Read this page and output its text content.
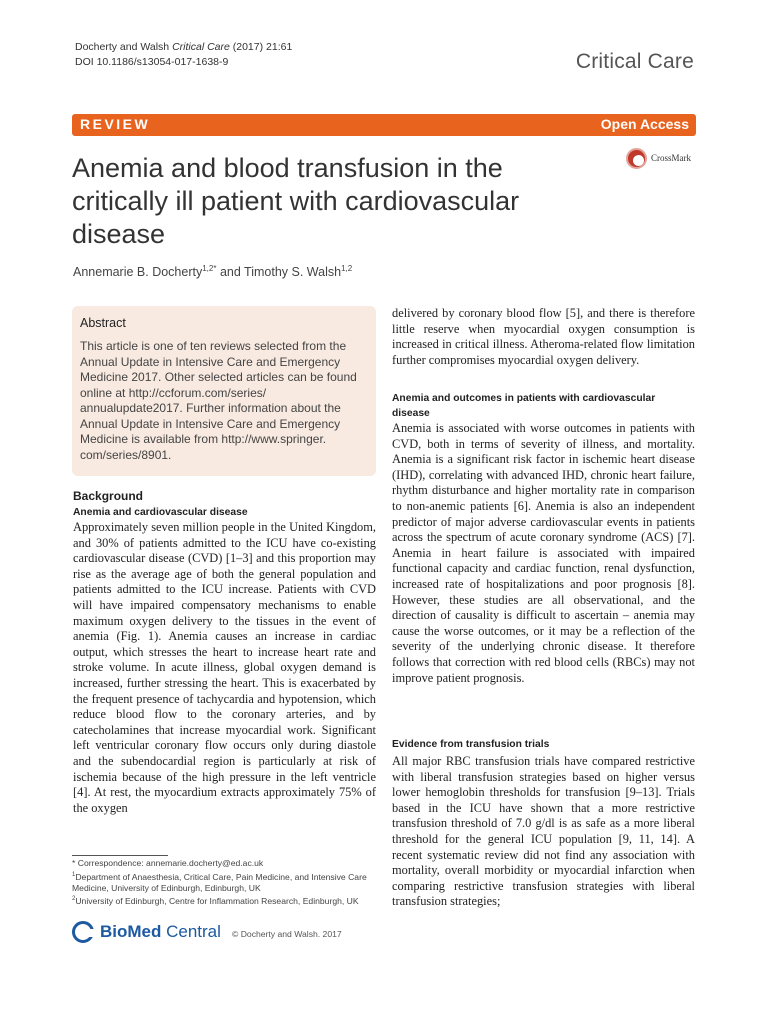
Docherty and Walsh Critical Care (2017) 21:61
DOI 10.1186/s13054-017-1638-9	Critical Care
REVIEW	Open Access
Anemia and blood transfusion in the critically ill patient with cardiovascular disease
CrossMark
Annemarie B. Docherty$^{1,2*}$ and Timothy S. Walsh$^{1,2}$
Abstract
This article is one of ten reviews selected from the Annual Update in Intensive Care and Emergency Medicine 2017. Other selected articles can be found online at http://ccforum.com/series/ annualupdate2017. Further information about the Annual Update in Intensive Care and Emergency Medicine is available from http://www.springer. com/series/8901.
Background
Anemia and cardiovascular disease
Approximately seven million people in the United Kingdom, and 30% of patients admitted to the ICU have co-existing cardiovascular disease (CVD) [1–3] and this proportion may rise as the average age of both the general population and patients admitted to the ICU increase. Patients with CVD will have impaired compensatory mechanisms to enable maximum oxygen delivery to the tissues in the event of anemia (Fig. 1). Anemia causes an increase in cardiac output, which stresses the heart to increase heart rate and stroke volume. In acute illness, global oxygen demand is increased, further stressing the heart. This is exacerbated by the frequent presence of tachycardia and hypotension, which reduce blood flow to the coronary arteries, and by catecholamines that increase myocardial work. Significant left ventricular coronary flow occurs only during diastole and the subendocardial region is particularly at risk of ischemia because of the high pressure in the left ventricle [4]. At rest, the myocardium extracts approximately 75% of the oxygen
delivered by coronary blood flow [5], and there is therefore little reserve when myocardial oxygen consumption is increased in critical illness. Atheroma-related flow limitation further compromises myocardial oxygen delivery.
Anemia and outcomes in patients with cardiovascular disease
Anemia is associated with worse outcomes in patients with CVD, both in terms of severity of illness, and mortality. Anemia is a significant risk factor in ischemic heart disease (IHD), correlating with advanced IHD, chronic heart failure, rhythm disturbance and higher mortality rate in comparison to non-anemic patients [6]. Anemia is also an independent predictor of major adverse cardiovascular events in patients across the spectrum of acute coronary syndrome (ACS) [7]. Anemia in heart failure is associated with impaired functional capacity and cardiac function, renal dysfunction, increased rate of hospitalizations and poor prognosis [8]. However, these studies are all observational, and the direction of causality is difficult to ascertain – anemia may cause the worse outcomes, or it may be a reflection of the severity of the underlying chronic disease. It therefore follows that correction with red blood cells (RBCs) may not improve patient prognosis.
Evidence from transfusion trials
All major RBC transfusion trials have compared restrictive with liberal transfusion strategies based on higher versus lower hemoglobin thresholds for transfusion [9–13]. Trials based in the ICU have shown that a more restrictive transfusion threshold of 7.0 g/dl is as safe as a more liberal threshold for the general ICU population [9, 11, 14]. A recent systematic review did not find any association with mortality, overall morbidity or myocardial infarction when comparing restrictive transfusion strategies with liberal transfusion strategies;
* Correspondence: annemarie.docherty@ed.ac.uk
$^1$Department of Anaesthesia, Critical Care, Pain Medicine, and Intensive Care Medicine, University of Edinburgh, Edinburgh, UK
$^2$University of Edinburgh, Centre for Inflammation Research, Edinburgh, UK
BioMed Central © Docherty and Walsh. 2017
